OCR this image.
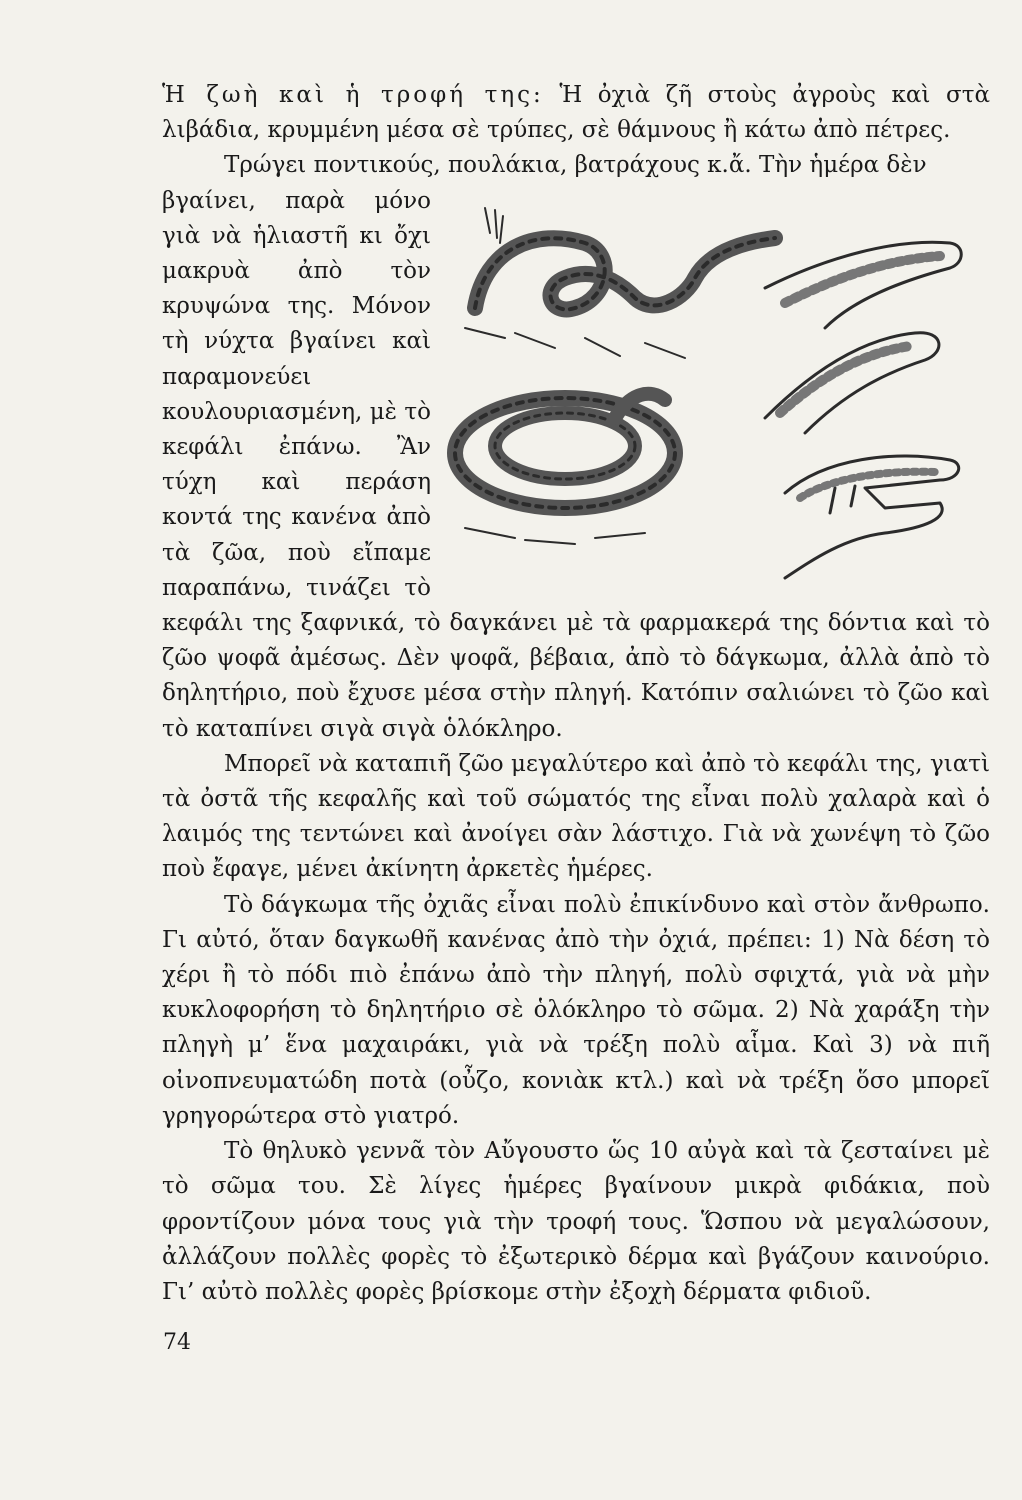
Ἡ ζωὴ καὶ ἡ τροφή της: Ἡ ὀχιὰ ζῆ στοὺς ἀγροὺς καὶ στὰ λιβάδια, κρυμμένη μέσα σὲ τρύπες, σὲ θάμνους ἢ κάτω ἀπὸ πέτρες.

Τρώγει ποντικούς, πουλάκια, βατράχους κ.ἄ. Τὴν ἡμέρα δὲν

βγαίνει, παρὰ μόνο γιὰ νὰ ἡλιαστῆ κι ὄχι μακρυὰ ἀπὸ τὸν κρυψώνα της. Μόνον τὴ νύχτα βγαίνει καὶ παραμονεύει κουλουριασμένη, μὲ τὸ κεφάλι ἐπάνω. Ἂν τύχη καὶ περάση κοντά της κανένα ἀπὸ τὰ ζῶα, ποὺ εἴπαμε παραπάνω, τινάζει τὸ κεφάλι της ξαφνικά, τὸ δαγκάνει μὲ τὰ φαρμακερά της δόντια καὶ τὸ ζῶο ψοφᾶ ἀμέσως. Δὲν ψοφᾶ, βέβαια, ἀπὸ τὸ δάγκωμα, ἀλλὰ ἀπὸ τὸ δηλητήριο, ποὺ ἔχυσε μέσα στὴν πληγή. Κατόπιν σαλιώνει τὸ ζῶο καὶ τὸ καταπίνει σιγὰ σιγὰ ὁλόκληρο.

Μπορεῖ νὰ καταπιῆ ζῶο μεγαλύτερο καὶ ἀπὸ τὸ κεφάλι της, γιατὶ τὰ ὀστᾶ τῆς κεφαλῆς καὶ τοῦ σώματός της εἶναι πολὺ χαλαρὰ καὶ ὁ λαιμός της τεντώνει καὶ ἀνοίγει σὰν λάστιχο. Γιὰ νὰ χωνέψη τὸ ζῶο ποὺ ἔφαγε, μένει ἀκίνητη ἀρκετὲς ἡμέρες.

Τὸ δάγκωμα τῆς ὀχιᾶς εἶναι πολὺ ἐπικίνδυνο καὶ στὸν ἄνθρωπο. Γι αὐτό, ὅταν δαγκωθῆ κανένας ἀπὸ τὴν ὀχιά, πρέπει: 1) Νὰ δέση τὸ χέρι ἢ τὸ πόδι πιὸ ἐπάνω ἀπὸ τὴν πληγή, πολὺ σφιχτά, γιὰ νὰ μὴν κυκλοφορήση τὸ δηλητήριο σὲ ὁλόκληρο τὸ σῶμα. 2) Νὰ χαράξη τὴν πληγὴ μ’ ἕνα μαχαιράκι, γιὰ νὰ τρέξη πολὺ αἷμα. Καὶ 3) νὰ πιῆ οἰνοπνευματώδη ποτὰ (οὖζο, κονιὰκ κτλ.) καὶ νὰ τρέξη ὅσο μπορεῖ γρηγορώτερα στὸ γιατρό.

Τὸ θηλυκὸ γεννᾶ τὸν Αὔγουστο ὥς 10 αὐγὰ καὶ τὰ ζεσταίνει μὲ τὸ σῶμα του. Σὲ λίγες ἡμέρες βγαίνουν μικρὰ φιδάκια, ποὺ φροντίζουν μόνα τους γιὰ τὴν τροφή τους. Ὥσπου νὰ μεγαλώσουν, ἀλλάζουν πολλὲς φορὲς τὸ ἐξωτερικὸ δέρμα καὶ βγάζουν καινούριο. Γι’ αὐτὸ πολλὲς φορὲς βρίσκομε στὴν ἐξοχὴ δέρματα φιδιοῦ.

74
